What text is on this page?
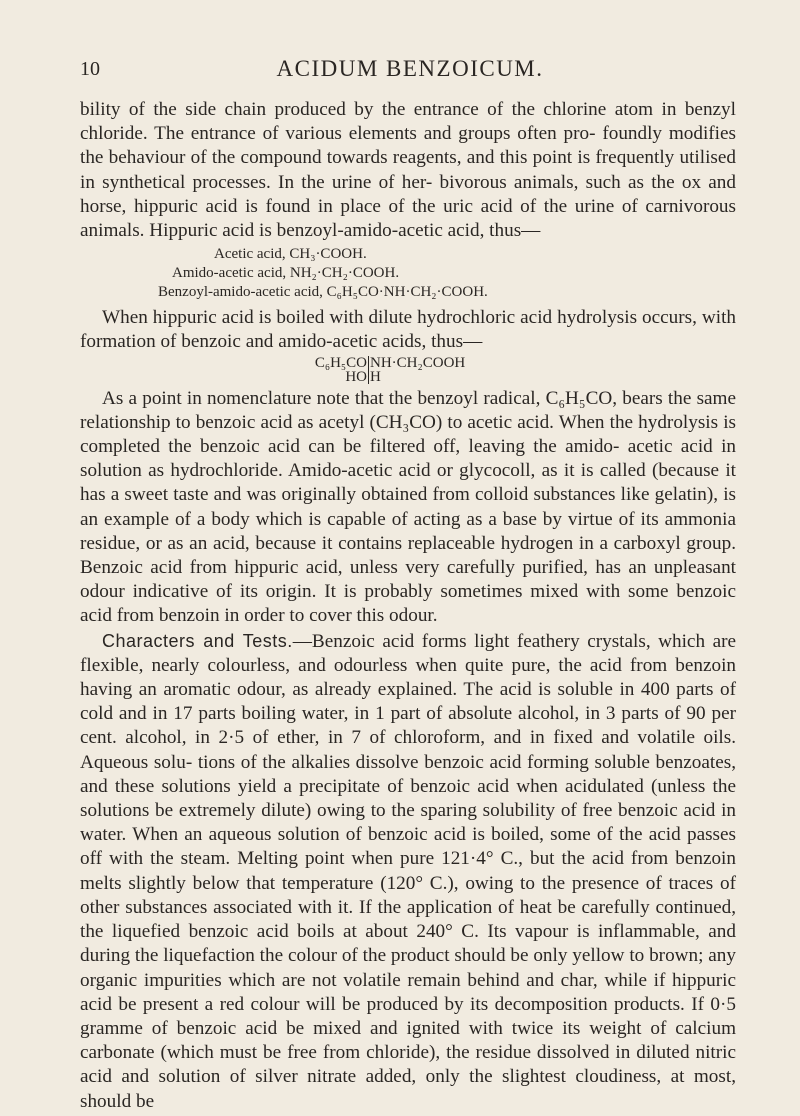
10	ACIDUM BENZOICUM.

bility of the side chain produced by the entrance of the chlorine atom in benzyl chloride. The entrance of various elements and groups often pro- foundly modifies the behaviour of the compound towards reagents, and this point is frequently utilised in synthetical processes. In the urine of her- bivorous animals, such as the ox and horse, hippuric acid is found in place of the uric acid of the urine of carnivorous animals. Hippuric acid is benzoyl-amido-acetic acid, thus—

Acetic acid, CH₃·COOH.
Amido-acetic acid, NH₂·CH₂·COOH.
Benzoyl-amido-acetic acid, C₆H₅CO·NH·CH₂·COOH.

When hippuric acid is boiled with dilute hydrochloric acid hydrolysis occurs, with formation of benzoic and amido-acetic acids, thus—

C₆H₅CO NH·CH₂COOH
HO H

As a point in nomenclature note that the benzoyl radical, C₆H₅CO, bears the same relationship to benzoic acid as acetyl (CH₃CO) to acetic acid. When the hydrolysis is completed the benzoic acid can be filtered off, leaving the amido- acetic acid in solution as hydrochloride. Amido-acetic acid or glycocoll, as it is called (because it has a sweet taste and was originally obtained from colloid substances like gelatin), is an example of a body which is capable of acting as a base by virtue of its ammonia residue, or as an acid, because it contains replaceable hydrogen in a carboxyl group. Benzoic acid from hippuric acid, unless very carefully purified, has an unpleasant odour indicative of its origin. It is probably sometimes mixed with some benzoic acid from benzoin in order to cover this odour.

Characters and Tests.—Benzoic acid forms light feathery crystals, which are flexible, nearly colourless, and odourless when quite pure, the acid from benzoin having an aromatic odour, as already explained. The acid is soluble in 400 parts of cold and in 17 parts boiling water, in 1 part of absolute alcohol, in 3 parts of 90 per cent. alcohol, in 2·5 of ether, in 7 of chloroform, and in fixed and volatile oils. Aqueous solu- tions of the alkalies dissolve benzoic acid forming soluble benzoates, and these solutions yield a precipitate of benzoic acid when acidulated (unless the solutions be extremely dilute) owing to the sparing solubility of free benzoic acid in water. When an aqueous solution of benzoic acid is boiled, some of the acid passes off with the steam. Melting point when pure 121·4° C., but the acid from benzoin melts slightly below that temperature (120° C.), owing to the presence of traces of other substances associated with it. If the application of heat be carefully continued, the liquefied benzoic acid boils at about 240° C. Its vapour is inflammable, and during the liquefaction the colour of the product should be only yellow to brown; any organic impurities which are not volatile remain behind and char, while if hippuric acid be present a red colour will be produced by its decomposition products. If 0·5 gramme of benzoic acid be mixed and ignited with twice its weight of calcium carbonate (which must be free from chloride), the residue dissolved in diluted nitric acid and solution of silver nitrate added, only the slightest cloudiness, at most, should be
